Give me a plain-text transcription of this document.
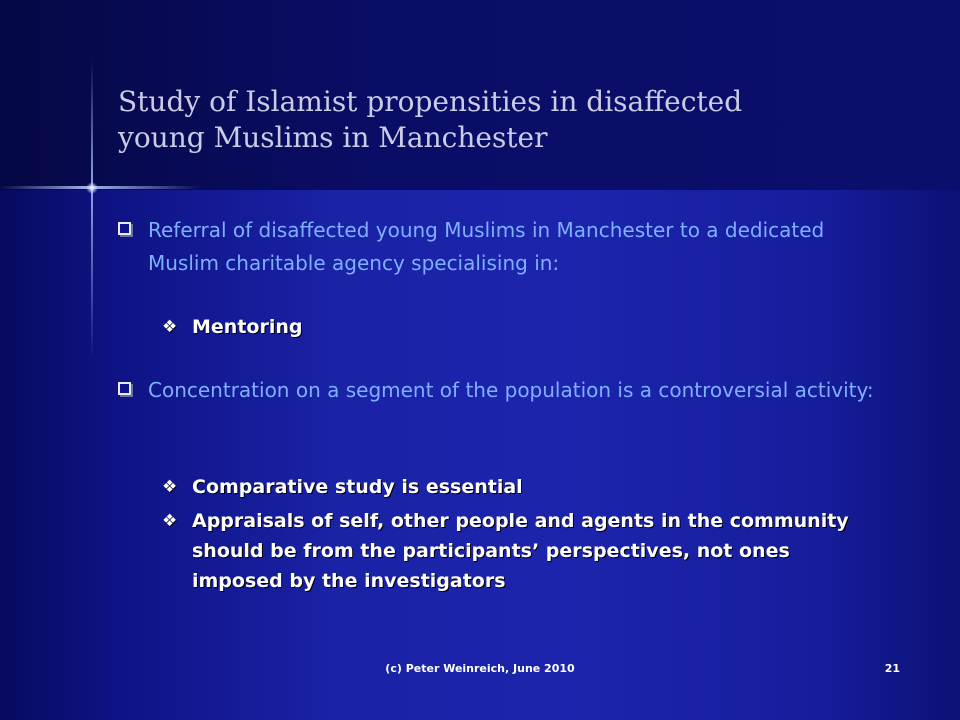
Study of Islamist propensities in disaffected
young Muslims in Manchester
Referral of disaffected young Muslims in Manchester to a dedicated Muslim charitable agency specialising in:
❖ Mentoring
Concentration on a segment of the population is a controversial activity:
❖ Comparative study is essential
❖ Appraisals of self, other people and agents in the community should be from the participants’ perspectives, not ones imposed by the investigators
(c) Peter Weinreich, June 2010	21
